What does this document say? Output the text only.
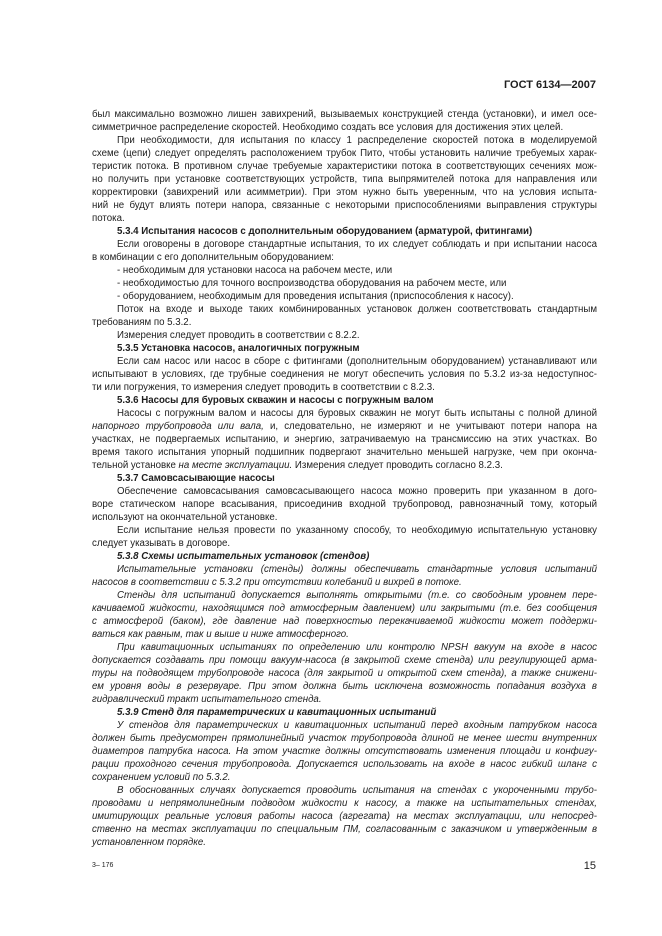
ГОСТ 6134—2007
был максимально возможно лишен завихрений, вызываемых конструкцией стенда (установки), и имел осе-
симметричное распределение скоростей. Необходимо создать все условия для достижения этих целей.
При необходимости, для испытания по классу 1 распределение скоростей потока в моделируемой
схеме (цепи) следует определять расположением трубок Пито, чтобы установить наличие требуемых харак-
теристик потока. В противном случае требуемые характеристики потока в соответствующих сечениях мож-
но получить при установке соответствующих устройств, типа выпрямителей потока для направления или
корректировки (завихрений или асимметрии). При этом нужно быть уверенным, что на условия испыта-
ний не будут влиять потери напора, связанные с некоторыми приспособлениями выправления структуры
потока.
5.3.4 Испытания насосов с дополнительным оборудованием (арматурой, фитингами)
Если оговорены в договоре стандартные испытания, то их следует соблюдать и при испытании насоса
в комбинации с его дополнительным оборудованием:
- необходимым для установки насоса на рабочем месте, или
- необходимостью для точного воспроизводства оборудования на рабочем месте, или
- оборудованием, необходимым для проведения испытания (приспособления к насосу).
Поток на входе и выходе таких комбинированных установок должен соответствовать стандартным
требованиям по 5.3.2.
Измерения следует проводить в соответствии с 8.2.2.
5.3.5 Установка насосов, аналогичных погружным
Если сам насос или насос в сборе с фитингами (дополнительным оборудованием) устанавливают или
испытывают в условиях, где трубные соединения не могут обеспечить условия по 5.3.2 из-за недоступнос-
ти или погружения, то измерения следует проводить в соответствии с 8.2.3.
5.3.6 Насосы для буровых скважин и насосы с погружным валом
Насосы с погружным валом и насосы для буровых скважин не могут быть испытаны с полной длиной
напорного трубопровода или вала, и, следовательно, не измеряют и не учитывают потери напора на
участках, не подвергаемых испытанию, и энергию, затрачиваемую на трансмиссию на этих участках. Во
время такого испытания упорный подшипник подвергают значительно меньшей нагрузке, чем при оконча-
тельной установке на месте эксплуатации. Измерения следует проводить согласно 8.2.3.
5.3.7 Самовсасывающие насосы
Обеспечение самовсасывания самовсасывающего насоса можно проверить при указанном в дого-
воре статическом напоре всасывания, присоединив входной трубопровод, равнозначный тому, который
используют на окончательной установке.
Если испытание нельзя провести по указанному способу, то необходимую испытательную установку
следует указывать в договоре.
5.3.8 Схемы испытательных установок (стендов)
Испытательные установки (стенды) должны обеспечивать стандартные условия испытаний
насосов в соответствии с 5.3.2 при отсутствии колебаний и вихрей в потоке.
Стенды для испытаний допускается выполнять открытыми (т.е. со свободным уровнем пере-
качиваемой жидкости, находящимся под атмосферным давлением) или закрытыми (т.е. без сообщения
с атмосферой (баком), где давление над поверхностью перекачиваемой жидкости может поддержи-
ваться как равным, так и выше и ниже атмосферного.
При кавитационных испытаниях по определению или контролю NPSH вакуум на входе в насос
допускается создавать при помощи вакуум-насоса (в закрытой схеме стенда) или регулирующей арма-
туры на подводящем трубопроводе насоса (для закрытой и открытой схем стенда), а также снижени-
ем уровня воды в резервуаре. При этом должна быть исключена возможность попадания воздуха в
гидравлический тракт испытательного стенда.
5.3.9 Стенд для параметрических и кавитационных испытаний
У стендов для параметрических и кавитационных испытаний перед входным патрубком насоса
должен быть предусмотрен прямолинейный участок трубопровода длиной не менее шести внутренних
диаметров патрубка насоса. На этом участке должны отсутствовать изменения площади и конфигу-
рации проходного сечения трубопровода. Допускается использовать на входе в насос гибкий шланг с
сохранением условий по 5.3.2.
В обоснованных случаях допускается проводить испытания на стендах с укороченными трубо-
проводами и непрямолинейным подводом жидкости к насосу, а также на испытательных стендах,
имитирующих реальные условия работы насоса (агрегата) на местах эксплуатации, или непосред-
ственно на местах эксплуатации по специальным ПМ, согласованным с заказчиком и утвержденным в
установленном порядке.
3– 176	15
